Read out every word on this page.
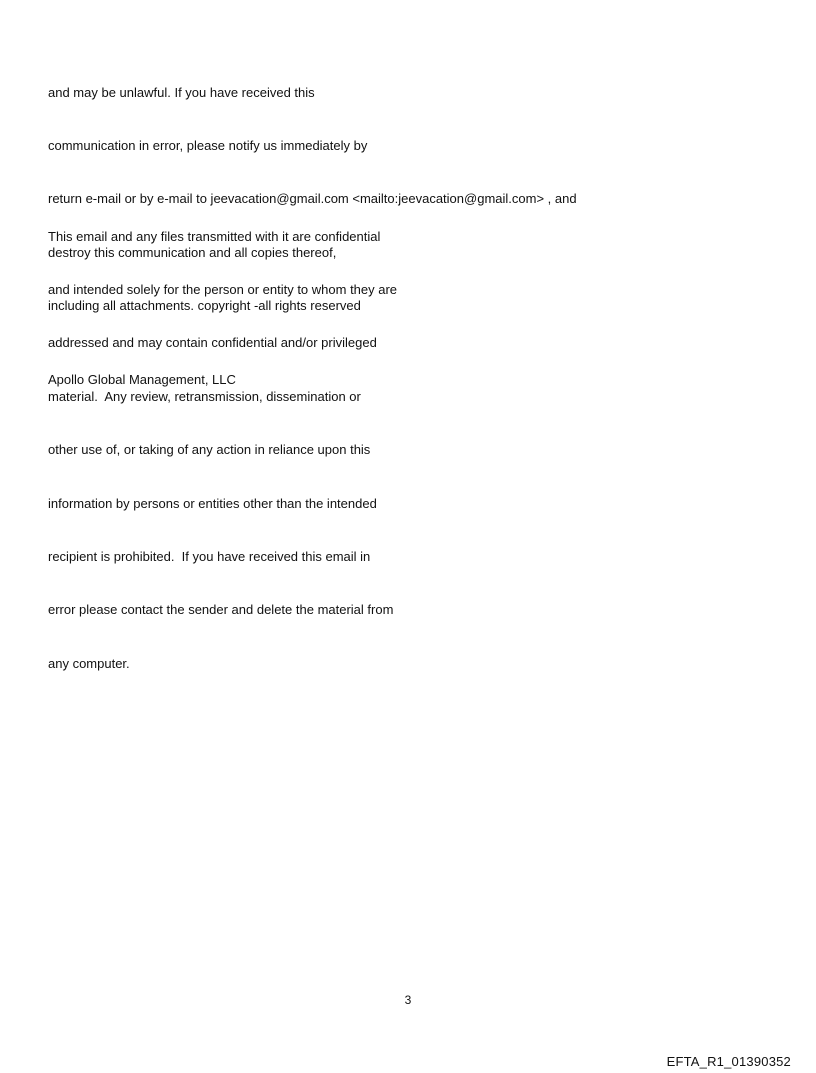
and may be unlawful. If you have received this

communication in error, please notify us immediately by

return e-mail or by e-mail to jeevacation@gmail.com <mailto:jeevacation@gmail.com> , and

destroy this communication and all copies thereof,

including all attachments. copyright -all rights reserved

This email and any files transmitted with it are confidential

and intended solely for the person or entity to whom they are

addressed and may contain confidential and/or privileged

material.  Any review, retransmission, dissemination or

other use of, or taking of any action in reliance upon this

information by persons or entities other than the intended

recipient is prohibited.  If you have received this email in

error please contact the sender and delete the material from

any computer.

Apollo Global Management, LLC
3
EFTA_R1_01390352
